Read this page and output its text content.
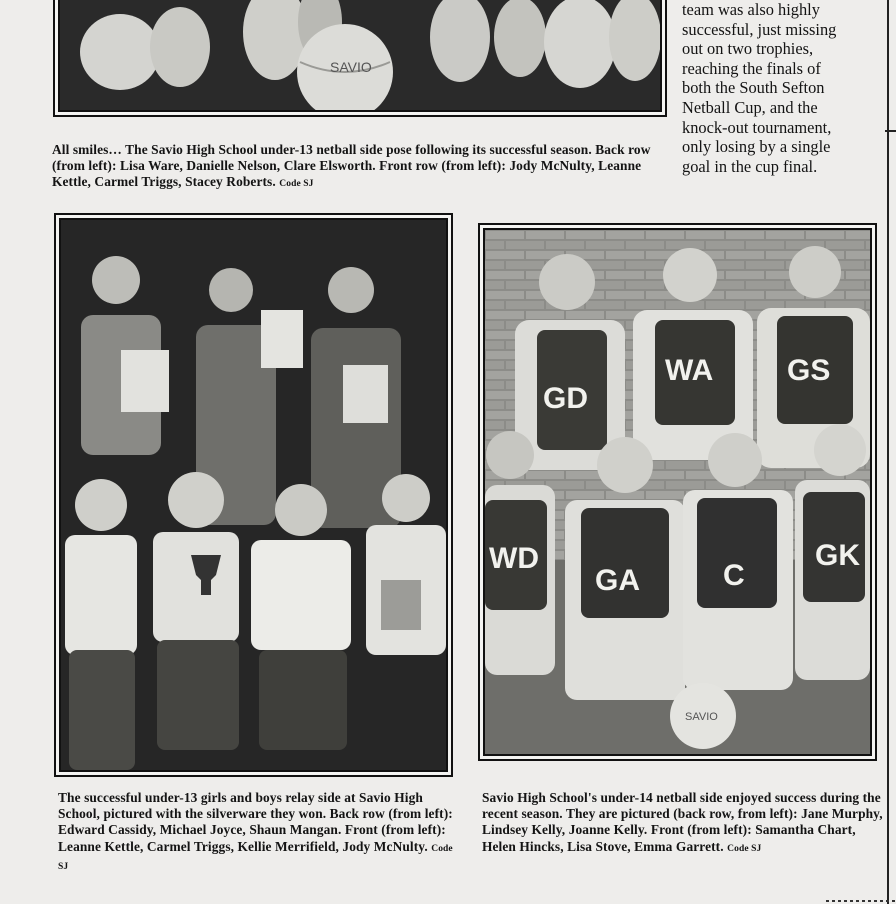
SAVIO

All smiles… The Savio High School under-13 netball side pose following its successful season. Back row (from left): Lisa Ware, Danielle Nelson, Clare Elsworth. Front row (from left): Jody McNulty, Leanne Kettle, Carmel Triggs, Stacey Roberts. Code SJ

team was also highly
successful, just missing
out on two trophies,
reaching the finals of
both the South Sefton
Netball Cup, and the
knock-out tournament,
only losing by a single
goal in the cup final.

The successful under-13 girls and boys relay side at Savio High School, pictured with the silverware they won. Back row (from left): Edward Cassidy, Michael Joyce, Shaun Mangan. Front (from left): Leanne Kettle, Carmel Triggs, Kellie Merrifield, Jody McNulty. Code SJ

GD
WA GS
WD
GA	C
GK
SAVIO

Savio High School's under-14 netball side enjoyed success during the recent season. They are pictured (back row, from left): Jane Murphy, Lindsey Kelly, Joanne Kelly. Front (from left): Samantha Chart, Helen Hincks, Lisa Stove, Emma Garrett. Code SJ
